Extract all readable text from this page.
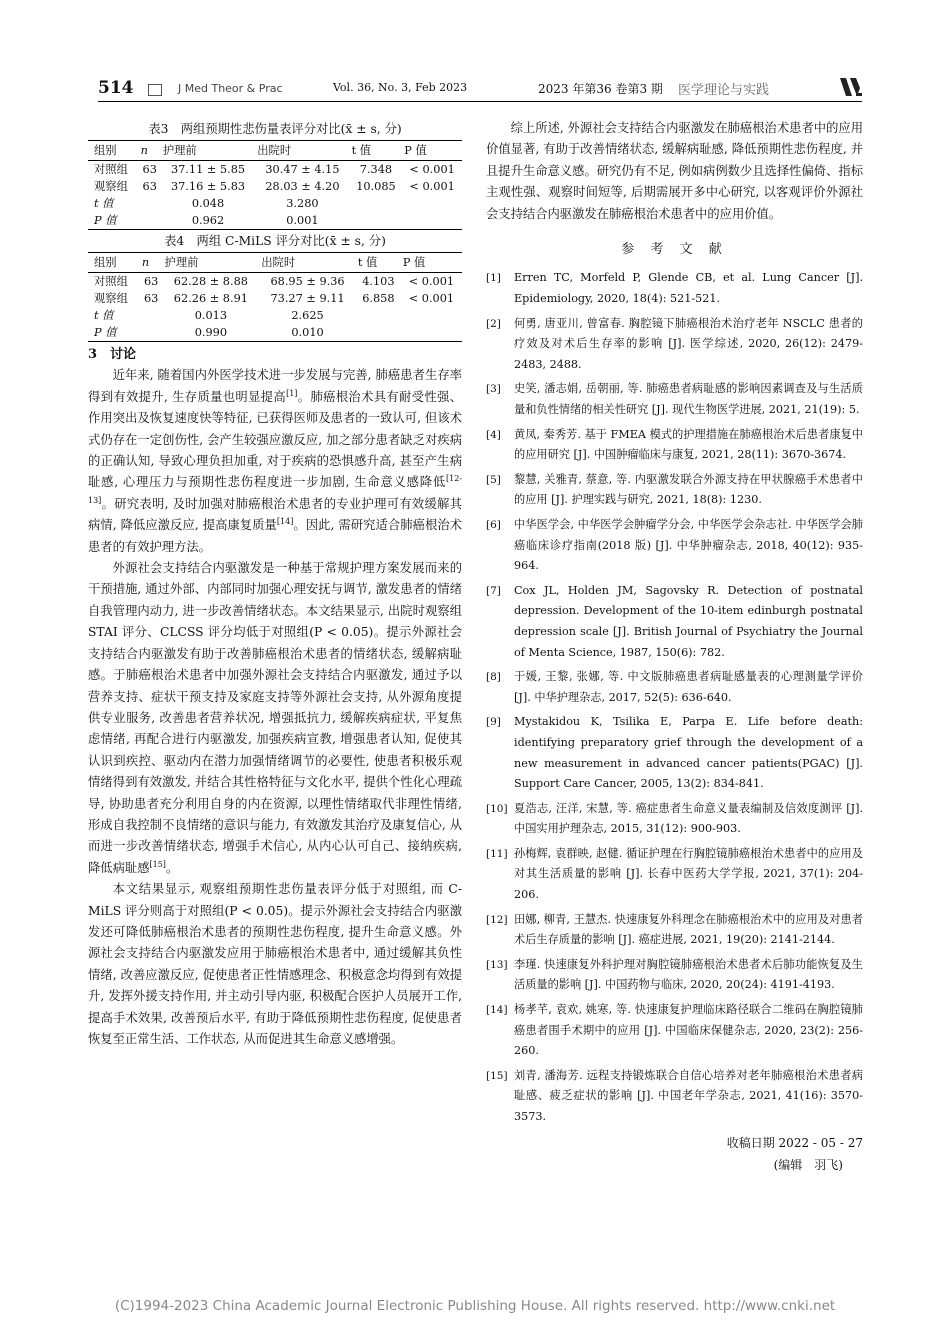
514	J Med Theor & Prac	Vol. 36, No. 3, Feb 2023	2023 年第36 卷第3 期 医学理论与实践
表3　两组预期性悲伤量表评分对比(x̄ ± s, 分)
组别	n	护理前	出院时	t 值	P 值
对照组	63	37.11 ± 5.85	30.47 ± 4.15	7.348	< 0.001
观察组	63	37.16 ± 5.83	28.03 ± 4.20	10.085	< 0.001
t 值		0.048	3.280		
P 值		0.962	0.001		
表4　两组 C-MiLS 评分对比(x̄ ± s, 分)
组别	n	护理前	出院时	t 值	P 值
对照组	63	62.28 ± 8.88	68.95 ± 9.36	4.103	< 0.001
观察组	63	62.26 ± 8.91	73.27 ± 9.11	6.858	< 0.001
t 值		0.013	2.625		
P 值		0.990	0.010		
3　讨论

近年来, 随着国内外医学技术进一步发展与完善, 肺癌患者生存率得到有效提升, 生存质量也明显提高[1]。肺癌根治术具有耐受性强、作用突出及恢复速度快等特征, 已获得医师及患者的一致认可, 但该术式仍存在一定创伤性, 会产生较强应激反应, 加之部分患者缺乏对疾病的正确认知, 导致心理负担加重, 对于疾病的恐惧感升高, 甚至产生病耻感, 心理压力与预期性悲伤程度进一步加剧, 生命意义感降低[12-13]。研究表明, 及时加强对肺癌根治术患者的专业护理可有效缓解其病情, 降低应激反应, 提高康复质量[14]。因此, 需研究适合肺癌根治术患者的有效护理方法。

外源社会支持结合内驱激发是一种基于常规护理方案发展而来的干预措施, 通过外部、内部同时加强心理安抚与调节, 激发患者的情绪自我管理内动力, 进一步改善情绪状态。本文结果显示, 出院时观察组 STAI 评分、CLCSS 评分均低于对照组(P < 0.05)。提示外源社会支持结合内驱激发有助于改善肺癌根治术患者的情绪状态, 缓解病耻感。于肺癌根治术患者中加强外源社会支持结合内驱激发, 通过予以营养支持、症状干预支持及家庭支持等外源社会支持, 从外源角度提供专业服务, 改善患者营养状况, 增强抵抗力, 缓解疾病症状, 平复焦虑情绪, 再配合进行内驱激发, 加强疾病宣教, 增强患者认知, 促使其认识到疾控、驱动内在潜力加强情绪调节的必要性, 使患者积极乐观情绪得到有效激发, 并结合其性格特征与文化水平, 提供个性化心理疏导, 协助患者充分利用自身的内在资源, 以理性情绪取代非理性情绪, 形成自我控制不良情绪的意识与能力, 有效激发其治疗及康复信心, 从而进一步改善情绪状态, 增强手术信心, 从内心认可自己、接纳疾病, 降低病耻感[15]。

本文结果显示, 观察组预期性悲伤量表评分低于对照组, 而 C-MiLS 评分则高于对照组(P < 0.05)。提示外源社会支持结合内驱激发还可降低肺癌根治术患者的预期性悲伤程度, 提升生命意义感。外源社会支持结合内驱激发应用于肺癌根治术患者中, 通过缓解其负性情绪, 改善应激反应, 促使患者正性情感理念、积极意念均得到有效提升, 发挥外援支持作用, 并主动引导内驱, 积极配合医护人员展开工作, 提高手术效果, 改善预后水平, 有助于降低预期性悲伤程度, 促使患者恢复至正常生活、工作状态, 从而促进其生命意义感增强。

综上所述, 外源社会支持结合内驱激发在肺癌根治术患者中的应用价值显著, 有助于改善情绪状态, 缓解病耻感, 降低预期性悲伤程度, 并且提升生命意义感。研究仍有不足, 例如病例数少且选择性偏倚、指标主观性强、观察时间短等, 后期需展开多中心研究, 以客观评价外源社会支持结合内驱激发在肺癌根治术患者中的应用价值。

参 考 文 献
[1] Erren TC, Morfeld P, Glende CB, et al. Lung Cancer [J]. Epidemiology, 2020, 18(4): 521-521.
[2] 何勇, 唐亚川, 曾富春. 胸腔镜下肺癌根治术治疗老年 NSCLC 患者的疗效及对术后生存率的影响 [J]. 医学综述, 2020, 26(12): 2479-2483, 2488.
[3] 史笑, 潘志娟, 岳朝丽, 等. 肺癌患者病耻感的影响因素调查及与生活质量和负性情绪的相关性研究 [J]. 现代生物医学进展, 2021, 21(19): 5.
[4] 黄凤, 秦秀芳. 基于 FMEA 模式的护理措施在肺癌根治术后患者康复中的应用研究 [J]. 中国肿瘤临床与康复, 2021, 28(11): 3670-3674.
[5] 黎慧, 关雅青, 蔡意, 等. 内驱激发联合外源支持在甲状腺癌手术患者中的应用 [J]. 护理实践与研究, 2021, 18(8): 1230.
[6] 中华医学会, 中华医学会肿瘤学分会, 中华医学会杂志社. 中华医学会肺癌临床诊疗指南(2018 版) [J]. 中华肿瘤杂志, 2018, 40(12): 935-964.
[7] Cox JL, Holden JM, Sagovsky R. Detection of postnatal depression. Development of the 10-item edinburgh postnatal depression scale [J]. British Journal of Psychiatry the Journal of Menta Science, 1987, 150(6): 782.
[8] 于媛, 王黎, 张娜, 等. 中文版肺癌患者病耻感量表的心理测量学评价 [J]. 中华护理杂志, 2017, 52(5): 636-640.
[9] Mystakidou K, Tsilika E, Parpa E. Life before death: identifying preparatory grief through the development of a new measurement in advanced cancer patients(PGAC) [J]. Support Care Cancer, 2005, 13(2): 834-841.
[10] 夏浩志, 汪洋, 宋慧, 等. 癌症患者生命意义量表编制及信效度测评 [J]. 中国实用护理杂志, 2015, 31(12): 900-903.
[11] 孙梅辉, 袁群映, 赵健. 循证护理在行胸腔镜肺癌根治术患者中的应用及对其生活质量的影响 [J]. 长春中医药大学学报, 2021, 37(1): 204-206.
[12] 田娜, 柳青, 王慧杰. 快速康复外科理念在肺癌根治术中的应用及对患者术后生存质量的影响 [J]. 癌症进展, 2021, 19(20): 2141-2144.
[13] 李瑾. 快速康复外科护理对胸腔镜肺癌根治术患者术后肺功能恢复及生活质量的影响 [J]. 中国药物与临床, 2020, 20(24): 4191-4193.
[14] 杨孝芊, 袁欢, 姚寒, 等. 快速康复护理临床路径联合二维码在胸腔镜肺癌患者围手术期中的应用 [J]. 中国临床保健杂志, 2020, 23(2): 256-260.
[15] 刘青, 潘海芳. 远程支持锻炼联合自信心培养对老年肺癌根治术患者病耻感、疲乏症状的影响 [J]. 中国老年学杂志, 2021, 41(16): 3570-3573.
收稿日期 2022 - 05 - 27
(编辑　羽飞)
(C)1994-2023 China Academic Journal Electronic Publishing House. All rights reserved. http://www.cnki.net
